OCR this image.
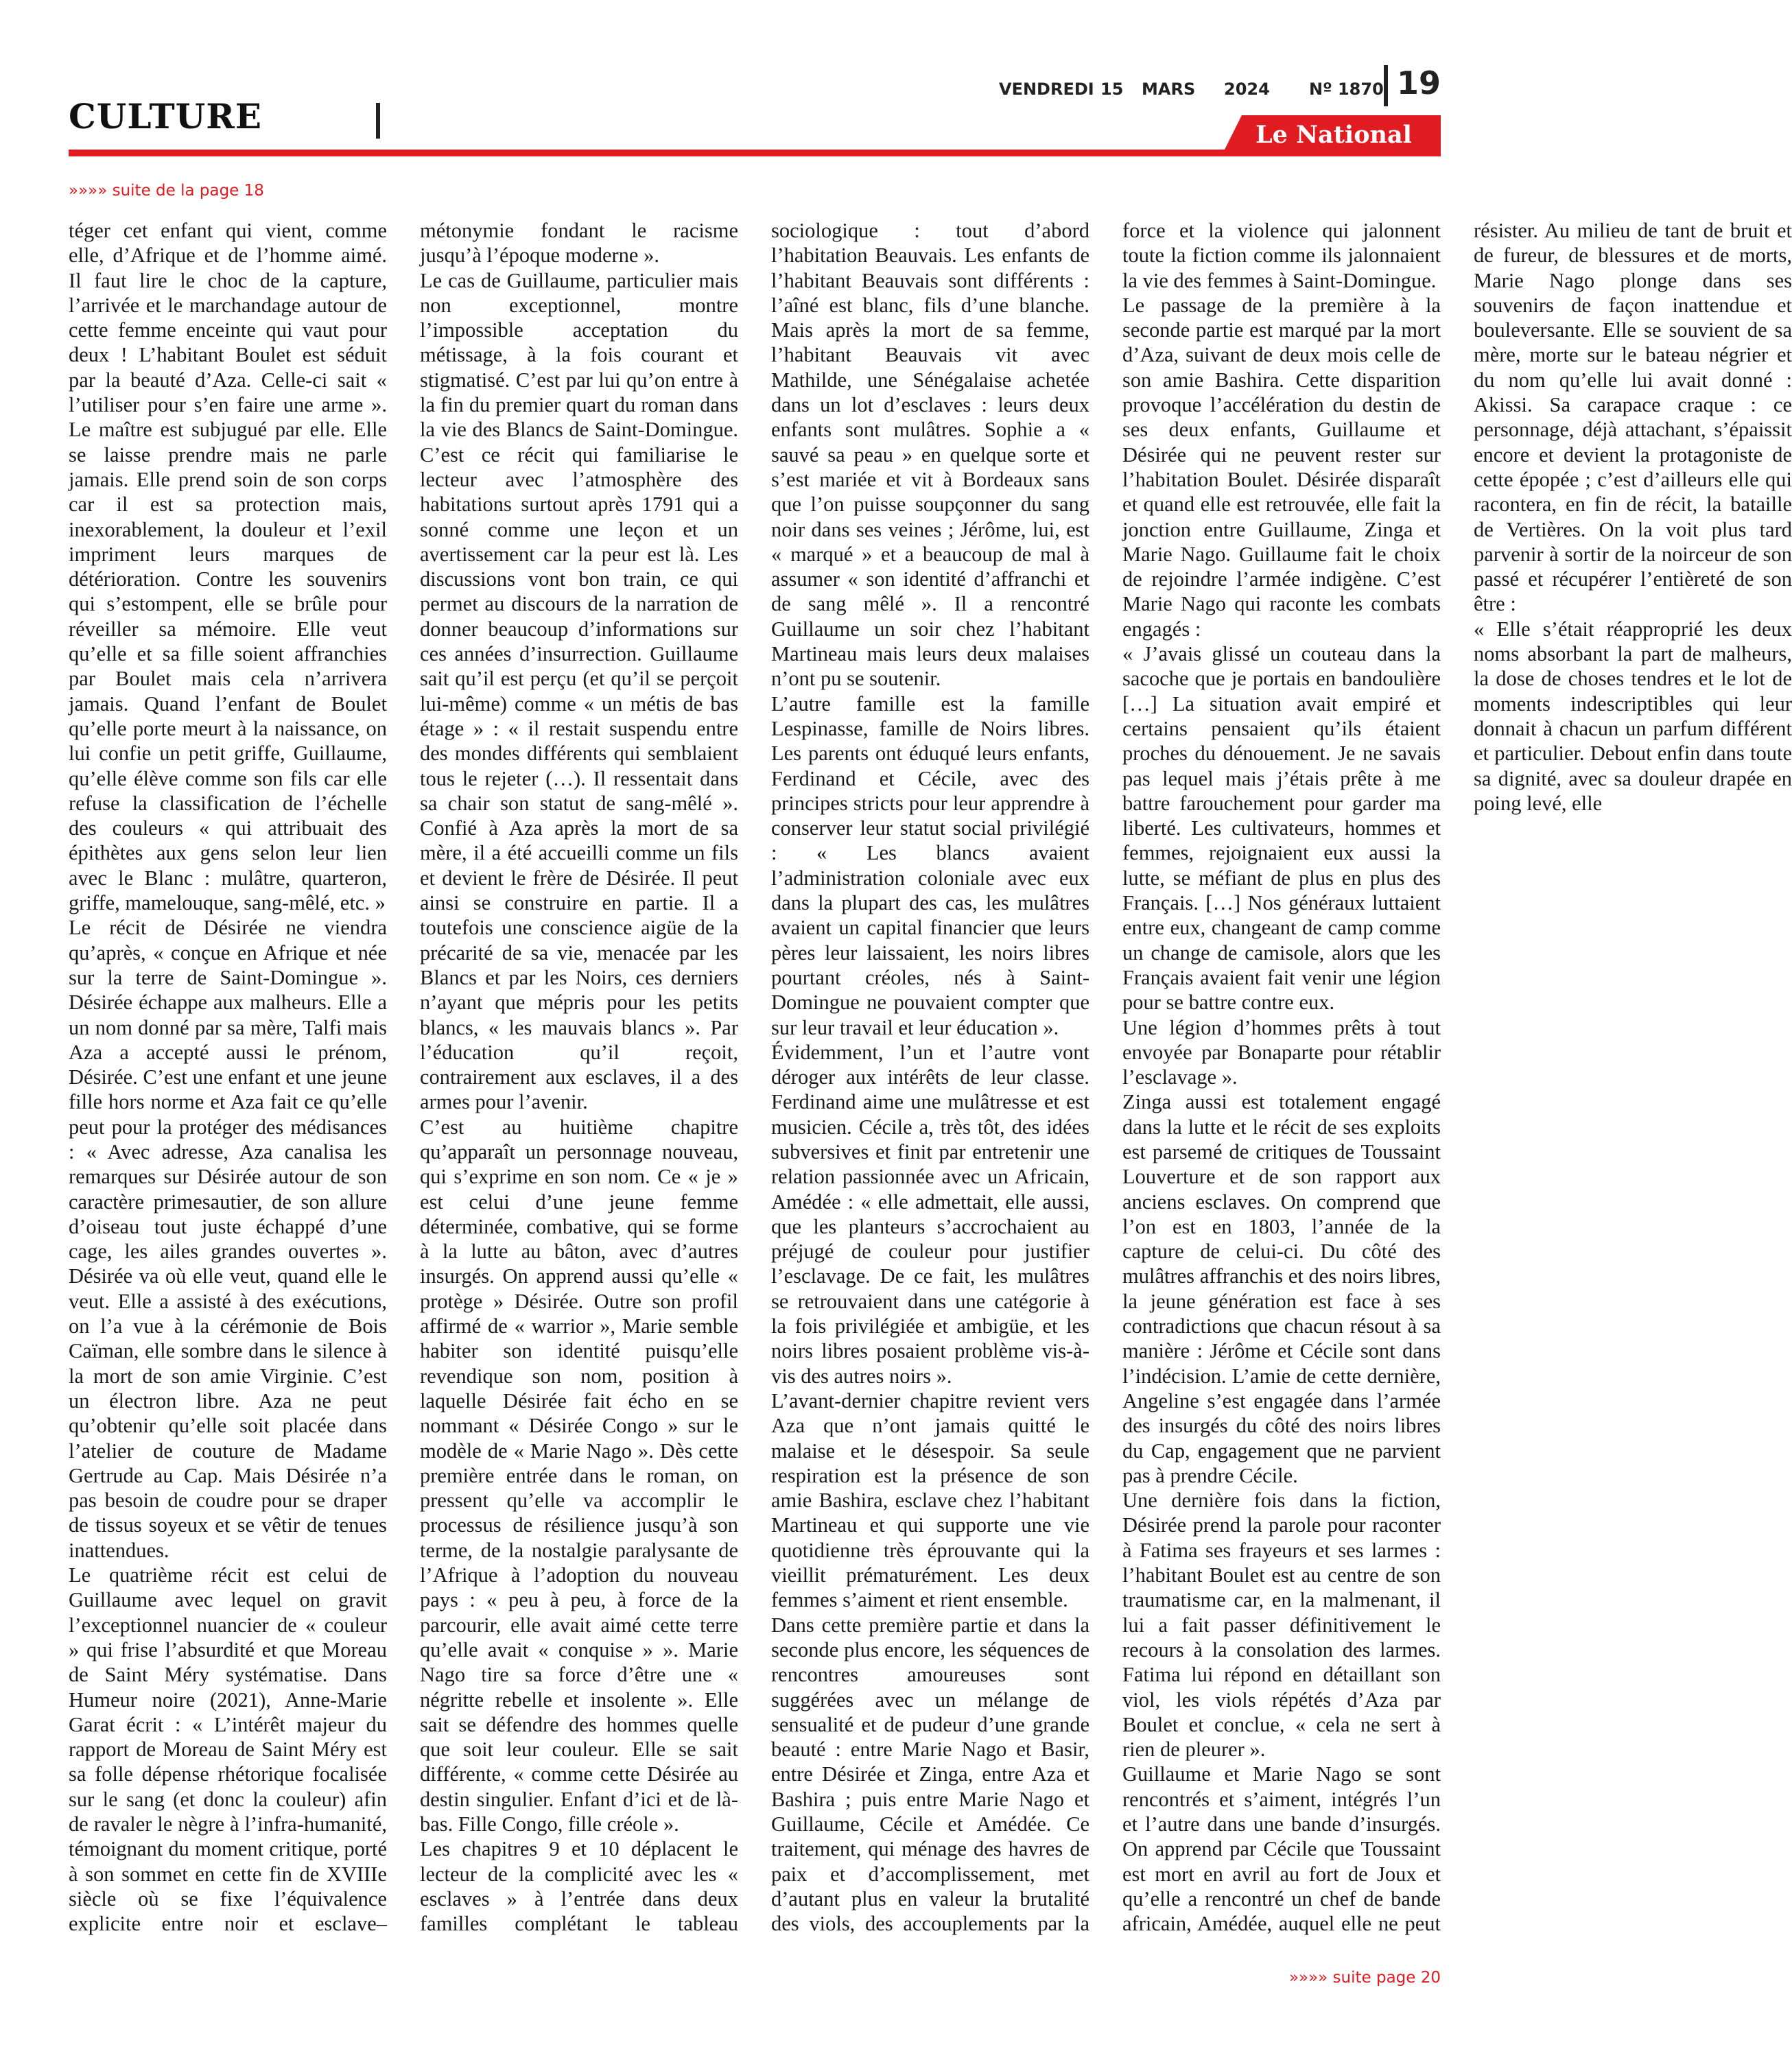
CULTURE
VENDREDI 15 MARS 2024 Nº 1870 19
Le National
»»»» suite de la page 18

téger cet enfant qui vient, comme elle, d’Afrique et de l’homme aimé. Il faut lire le choc de la capture, l’arrivée et le marchandage autour de cette femme enceinte qui vaut pour deux ! L’habitant Boulet est séduit par la beauté d’Aza. Celle-ci sait « l’utiliser pour s’en faire une arme ». Le maître est subjugué par elle. Elle se laisse prendre mais ne parle jamais. Elle prend soin de son corps car il est sa protection mais, inexorablement, la douleur et l’exil impriment leurs marques de détérioration. Contre les souvenirs qui s’estompent, elle se brûle pour réveiller sa mémoire. Elle veut qu’elle et sa fille soient affranchies par Boulet mais cela n’arrivera jamais. Quand l’enfant de Boulet qu’elle porte meurt à la naissance, on lui confie un petit griffe, Guillaume, qu’elle élève comme son fils car elle refuse la classification de l’échelle des couleurs « qui attribuait des épithètes aux gens selon leur lien avec le Blanc : mulâtre, quarteron, griffe, mamelouque, sang-mêlé, etc. »

Le récit de Désirée ne viendra qu’après, « conçue en Afrique et née sur la terre de Saint-Domingue ». Désirée échappe aux malheurs. Elle a un nom donné par sa mère, Talfi mais Aza a accepté aussi le prénom, Désirée. C’est une enfant et une jeune fille hors norme et Aza fait ce qu’elle peut pour la protéger des médisances : « Avec adresse, Aza canalisa les remarques sur Désirée autour de son caractère primesautier, de son allure d’oiseau tout juste échappé d’une cage, les ailes grandes ouvertes ». Désirée va où elle veut, quand elle le veut. Elle a assisté à des exécutions, on l’a vue à la cérémonie de Bois Caïman, elle sombre dans le silence à la mort de son amie Virginie. C’est un électron libre. Aza ne peut qu’obtenir qu’elle soit placée dans l’atelier de couture de Madame Gertrude au Cap. Mais Désirée n’a pas besoin de coudre pour se draper de tissus soyeux et se vêtir de tenues inattendues.

Le quatrième récit est celui de Guillaume avec lequel on gravit l’exceptionnel nuancier de « couleur » qui frise l’absurdité et que Moreau de Saint Méry systématise. Dans Humeur noire (2021), Anne-Marie Garat écrit : « L’intérêt majeur du rapport de Moreau de Saint Méry est sa folle dépense rhétorique focalisée sur le sang (et donc la couleur) afin de ravaler le nègre à l’infra-humanité, témoignant du moment critique, porté à son sommet en cette fin de XVIIIe siècle où se fixe l’équivalence explicite entre noir et esclave– métonymie fondant le racisme jusqu’à l’époque moderne ».

Le cas de Guillaume, particulier mais non exceptionnel, montre l’impossible acceptation du métissage, à la fois courant et stigmatisé. C’est par lui qu’on entre à la fin du premier quart du roman dans la vie des Blancs de Saint-Domingue. C’est ce récit qui familiarise le lecteur avec l’atmosphère des habitations surtout après 1791 qui a sonné comme une leçon et un avertissement car la peur est là. Les discussions vont bon train, ce qui permet au discours de la narration de donner beaucoup d’informations sur ces années d’insurrection. Guillaume sait qu’il est perçu (et qu’il se perçoit lui-même) comme « un métis de bas étage » : « il restait suspendu entre des mondes différents qui semblaient tous le rejeter (…). Il ressentait dans sa chair son statut de sang-mêlé ». Confié à Aza après la mort de sa mère, il a été accueilli comme un fils et devient le frère de Désirée. Il peut ainsi se construire en partie. Il a toutefois une conscience aigüe de la précarité de sa vie, menacée par les Blancs et par les Noirs, ces derniers n’ayant que mépris pour les petits blancs, « les mauvais blancs ». Par l’éducation qu’il reçoit, contrairement aux esclaves, il a des armes pour l’avenir.

C’est au huitième chapitre qu’apparaît un personnage nouveau, qui s’exprime en son nom. Ce « je » est celui d’une jeune femme déterminée, combative, qui se forme à la lutte au bâton, avec d’autres insurgés. On apprend aussi qu’elle « protège » Désirée. Outre son profil affirmé de « warrior », Marie semble habiter son identité puisqu’elle revendique son nom, position à laquelle Désirée fait écho en se nommant « Désirée Congo » sur le modèle de « Marie Nago ». Dès cette première entrée dans le roman, on pressent qu’elle va accomplir le processus de résilience jusqu’à son terme, de la nostalgie paralysante de l’Afrique à l’adoption du nouveau pays : « peu à peu, à force de la parcourir, elle avait aimé cette terre qu’elle avait « conquise » ». Marie Nago tire sa force d’être une « négritte rebelle et insolente ». Elle sait se défendre des hommes quelle que soit leur couleur. Elle se sait différente, « comme cette Désirée au destin singulier. Enfant d’ici et de là-bas. Fille Congo, fille créole ».

Les chapitres 9 et 10 déplacent le lecteur de la complicité avec les « esclaves » à l’entrée dans deux familles complétant le tableau sociologique : tout d’abord l’habitation Beauvais. Les enfants de l’habitant Beauvais sont différents : l’aîné est blanc, fils d’une blanche. Mais après la mort de sa femme, l’habitant Beauvais vit avec Mathilde, une Sénégalaise achetée dans un lot d’esclaves : leurs deux enfants sont mulâtres. Sophie a « sauvé sa peau » en quelque sorte et s’est mariée et vit à Bordeaux sans que l’on puisse soupçonner du sang noir dans ses veines ; Jérôme, lui, est « marqué » et a beaucoup de mal à assumer « son identité d’affranchi et de sang mêlé ». Il a rencontré Guillaume un soir chez l’habitant Martineau mais leurs deux malaises n’ont pu se soutenir.

L’autre famille est la famille Lespinasse, famille de Noirs libres. Les parents ont éduqué leurs enfants, Ferdinand et Cécile, avec des principes stricts pour leur apprendre à conserver leur statut social privilégié : « Les blancs avaient l’administration coloniale avec eux dans la plupart des cas, les mulâtres avaient un capital financier que leurs pères leur laissaient, les noirs libres pourtant créoles, nés à Saint-Domingue ne pouvaient compter que sur leur travail et leur éducation ».

Évidemment, l’un et l’autre vont déroger aux intérêts de leur classe. Ferdinand aime une mulâtresse et est musicien. Cécile a, très tôt, des idées subversives et finit par entretenir une relation passionnée avec un Africain, Amédée : « elle admettait, elle aussi, que les planteurs s’accrochaient au préjugé de couleur pour justifier l’esclavage. De ce fait, les mulâtres se retrouvaient dans une catégorie à la fois privilégiée et ambigüe, et les noirs libres posaient problème vis-à-vis des autres noirs ».

L’avant-dernier chapitre revient vers Aza que n’ont jamais quitté le malaise et le désespoir. Sa seule respiration est la présence de son amie Bashira, esclave chez l’habitant Martineau et qui supporte une vie quotidienne très éprouvante qui la vieillit prématurément. Les deux femmes s’aiment et rient ensemble.

Dans cette première partie et dans la seconde plus encore, les séquences de rencontres amoureuses sont suggérées avec un mélange de sensualité et de pudeur d’une grande beauté : entre Marie Nago et Basir, entre Désirée et Zinga, entre Aza et Bashira ; puis entre Marie Nago et Guillaume, Cécile et Amédée. Ce traitement, qui ménage des havres de paix et d’accomplissement, met d’autant plus en valeur la brutalité des viols, des accouplements par la force et la violence qui jalonnent toute la fiction comme ils jalonnaient la vie des femmes à Saint-Domingue.

Le passage de la première à la seconde partie est marqué par la mort d’Aza, suivant de deux mois celle de son amie Bashira. Cette disparition provoque l’accélération du destin de ses deux enfants, Guillaume et Désirée qui ne peuvent rester sur l’habitation Boulet. Désirée disparaît et quand elle est retrouvée, elle fait la jonction entre Guillaume, Zinga et Marie Nago. Guillaume fait le choix de rejoindre l’armée indigène. C’est Marie Nago qui raconte les combats engagés :

« J’avais glissé un couteau dans la sacoche que je portais en bandoulière […] La situation avait empiré et certains pensaient qu’ils étaient proches du dénouement. Je ne savais pas lequel mais j’étais prête à me battre farouchement pour garder ma liberté. Les cultivateurs, hommes et femmes, rejoignaient eux aussi la lutte, se méfiant de plus en plus des Français. […] Nos généraux luttaient entre eux, changeant de camp comme un change de camisole, alors que les Français avaient fait venir une légion pour se battre contre eux.

Une légion d’hommes prêts à tout envoyée par Bonaparte pour rétablir l’esclavage ».

Zinga aussi est totalement engagé dans la lutte et le récit de ses exploits est parsemé de critiques de Toussaint Louverture et de son rapport aux anciens esclaves. On comprend que l’on est en 1803, l’année de la capture de celui-ci. Du côté des mulâtres affranchis et des noirs libres, la jeune génération est face à ses contradictions que chacun résout à sa manière : Jérôme et Cécile sont dans l’indécision. L’amie de cette dernière, Angeline s’est engagée dans l’armée des insurgés du côté des noirs libres du Cap, engagement que ne parvient pas à prendre Cécile.

Une dernière fois dans la fiction, Désirée prend la parole pour raconter à Fatima ses frayeurs et ses larmes : l’habitant Boulet est au centre de son traumatisme car, en la malmenant, il lui a fait passer définitivement le recours à la consolation des larmes. Fatima lui répond en détaillant son viol, les viols répétés d’Aza par Boulet et conclue, « cela ne sert à rien de pleurer ».

Guillaume et Marie Nago se sont rencontrés et s’aiment, intégrés l’un et l’autre dans une bande d’insurgés. On apprend par Cécile que Toussaint est mort en avril au fort de Joux et qu’elle a rencontré un chef de bande africain, Amédée, auquel elle ne peut résister. Au milieu de tant de bruit et de fureur, de blessures et de morts, Marie Nago plonge dans ses souvenirs de façon inattendue et bouleversante. Elle se souvient de sa mère, morte sur le bateau négrier et du nom qu’elle lui avait donné : Akissi. Sa carapace craque : ce personnage, déjà attachant, s’épaissit encore et devient la protagoniste de cette épopée ; c’est d’ailleurs elle qui racontera, en fin de récit, la bataille de Vertières. On la voit plus tard parvenir à sortir de la noirceur de son passé et récupérer l’entièreté de son être :

« Elle s’était réapproprié les deux noms absorbant la part de malheurs, la dose de choses tendres et le lot de moments indescriptibles qui leur donnait à chacun un parfum différent et particulier. Debout enfin dans toute sa dignité, avec sa douleur drapée en poing levé, elle

»»»» suite page 20
